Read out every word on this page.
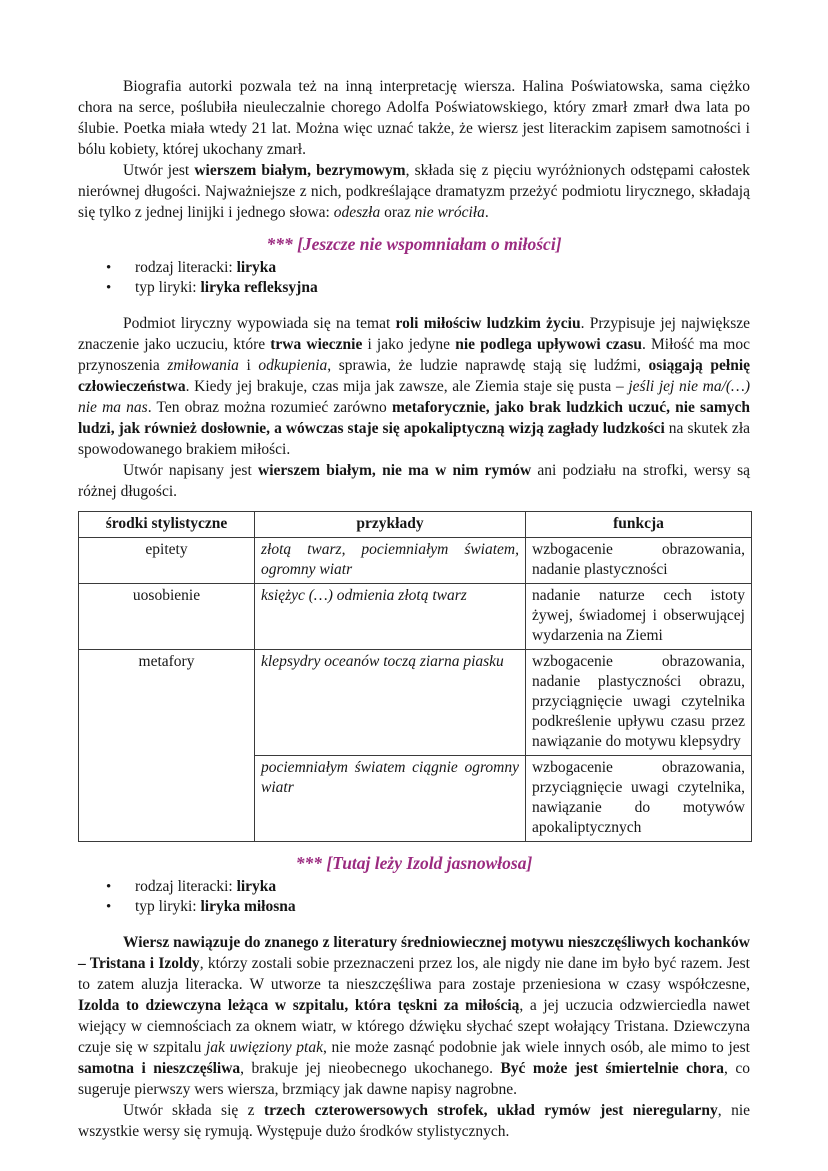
Biografia autorki pozwala też na inną interpretację wiersza. Halina Poświatowska, sama ciężko chora na serce, poślubiła nieuleczalnie chorego Adolfa Poświatowskiego, który zmarł zmarł dwa lata po ślubie. Poetka miała wtedy 21 lat. Można więc uznać także, że wiersz jest literackim zapisem samotności i bólu kobiety, której ukochany zmarł.

Utwór jest wierszem białym, bezrymowym, składa się z pięciu wyróżnionych odstępami całostek nierównej długości. Najważniejsze z nich, podkreślające dramatyzm przeżyć podmiotu lirycznego, składają się tylko z jednej linijki i jednego słowa: odeszła oraz nie wróciła.

*** [Jeszcze nie wspomniałam o miłości]
• rodzaj literacki: liryka
• typ liryki: liryka refleksyjna

Podmiot liryczny wypowiada się na temat roli miłościw ludzkim życiu. Przypisuje jej największe znaczenie jako uczuciu, które trwa wiecznie i jako jedyne nie podlega upływowi czasu. Miłość ma moc przynoszenia zmiłowania i odkupienia, sprawia, że ludzie naprawdę stają się ludźmi, osiągają pełnię człowieczeństwa. Kiedy jej brakuje, czas mija jak zawsze, ale Ziemia staje się pusta – jeśli jej nie ma/(…) nie ma nas. Ten obraz można rozumieć zarówno metaforycznie, jako brak ludzkich uczuć, nie samych ludzi, jak również dosłownie, a wówczas staje się apokaliptyczną wizją zagłady ludzkości na skutek zła spowodowanego brakiem miłości.

Utwór napisany jest wierszem białym, nie ma w nim rymów ani podziału na strofki, wersy są różnej długości.

środki stylistyczne	przykłady	funkcja
epitety	złotą twarz, pociemniałym światem, ogromny wiatr	wzbogacenie obrazowania, nadanie plastyczności
uosobienie	księżyc (…) odmienia złotą twarz	nadanie naturze cech istoty żywej, świadomej i obserwującej wydarzenia na Ziemi
metafory	klepsydry oceanów toczą ziarna piasku	wzbogacenie obrazowania, nadanie plastyczności obrazu, przyciągnięcie uwagi czytelnika podkreślenie upływu czasu przez nawiązanie do motywu klepsydry
	pociemniałym światem ciągnie ogromny wiatr	wzbogacenie obrazowania, przyciągnięcie uwagi czytelnika, nawiązanie do motywów apokaliptycznych
*** [Tutaj leży Izold jasnowłosa]
• rodzaj literacki: liryka
• typ liryki: liryka miłosna

Wiersz nawiązuje do znanego z literatury średniowiecznej motywu nieszczęśliwych kochanków – Tristana i Izoldy, którzy zostali sobie przeznaczeni przez los, ale nigdy nie dane im było być razem. Jest to zatem aluzja literacka. W utworze ta nieszczęśliwa para zostaje przeniesiona w czasy współczesne, Izolda to dziewczyna leżąca w szpitalu, która tęskni za miłością, a jej uczucia odzwierciedla nawet wiejący w ciemnościach za oknem wiatr, w którego dźwięku słychać szept wołający Tristana. Dziewczyna czuje się w szpitalu jak uwięziony ptak, nie może zasnąć podobnie jak wiele innych osób, ale mimo to jest samotna i nieszczęśliwa, brakuje jej nieobecnego ukochanego. Być może jest śmiertelnie chora, co sugeruje pierwszy wers wiersza, brzmiący jak dawne napisy nagrobne.

Utwór składa się z trzech czterowersowych strofek, układ rymów jest nieregularny, nie wszystkie wersy się rymują. Występuje dużo środków stylistycznych.
